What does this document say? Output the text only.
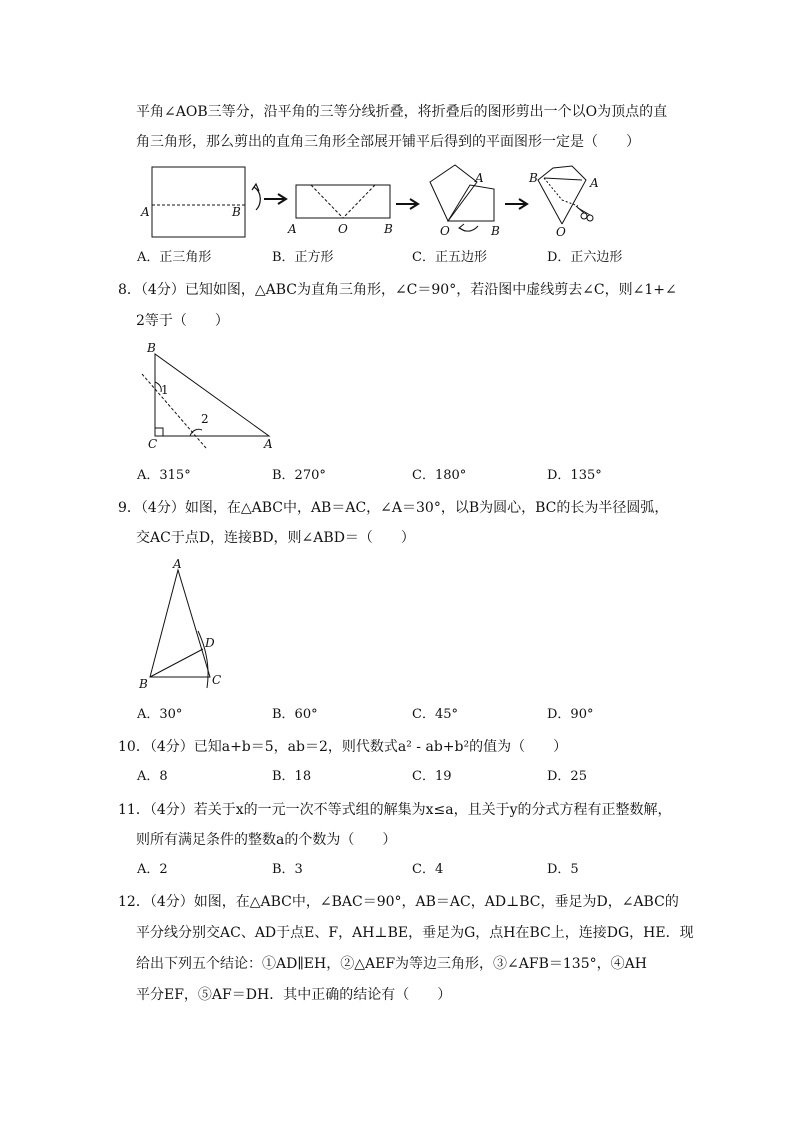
平角∠AOB三等分，沿平角的三等分线折叠，将折叠后的图形剪出一个以O为顶点的直
角三角形，那么剪出的直角三角形全部展开铺平后得到的平面图形一定是（　　）
A	B
A	O	B
A
O	B
B	A
O
A．正三角形	B．正方形	C．正五边形	D．正六边形
8．（4分）已知如图，△ABC为直角三角形，∠C＝90°，若沿图中虚线剪去∠C，则∠1+∠
2等于（　　）
B
C	A
1
2
A．315°	B．270°	C．180°	D．135°
9．（4分）如图，在△ABC中，AB＝AC，∠A＝30°，以B为圆心，BC的长为半径圆弧，
交AC于点D，连接BD，则∠ABD＝（　　）
A
B	C
D
A．30°	B．60°	C．45°	D．90°
10．（4分）已知a+b＝5，ab＝2，则代数式a² - ab+b²的值为（　　）
A．8	B．18	C．19	D．25
11．（4分）若关于x的一元一次不等式组的解集为x≤a，且关于y的分式方程有正整数解，
则所有满足条件的整数a的个数为（　　）
A．2	B．3	C．4	D．5
12．（4分）如图，在△ABC中，∠BAC＝90°，AB＝AC，AD⊥BC，垂足为D，∠ABC的
平分线分别交AC、AD于点E、F，AH⊥BE，垂足为G，点H在BC上，连接DG，HE．现
给出下列五个结论：①AD∥EH，②△AEF为等边三角形，③∠AFB＝135°，④AH
平分EF，⑤AF＝DH．其中正确的结论有（　　）
